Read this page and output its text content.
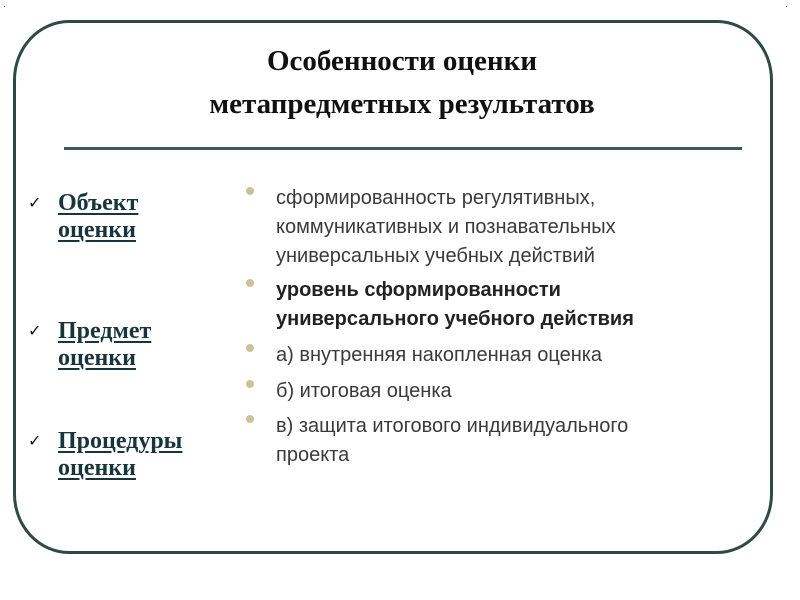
·	·
Особенности оценки
метапредметных результатов
✓ Объект
оценки
✓ Предмет
оценки
✓ Процедуры
оценки
сформированность регулятивных,
коммуникативных и познавательных
универсальных учебных действий
уровень сформированности
универсального учебного действия
а) внутренняя накопленная оценка
б) итоговая оценка
в) защита итогового индивидуального
проекта
